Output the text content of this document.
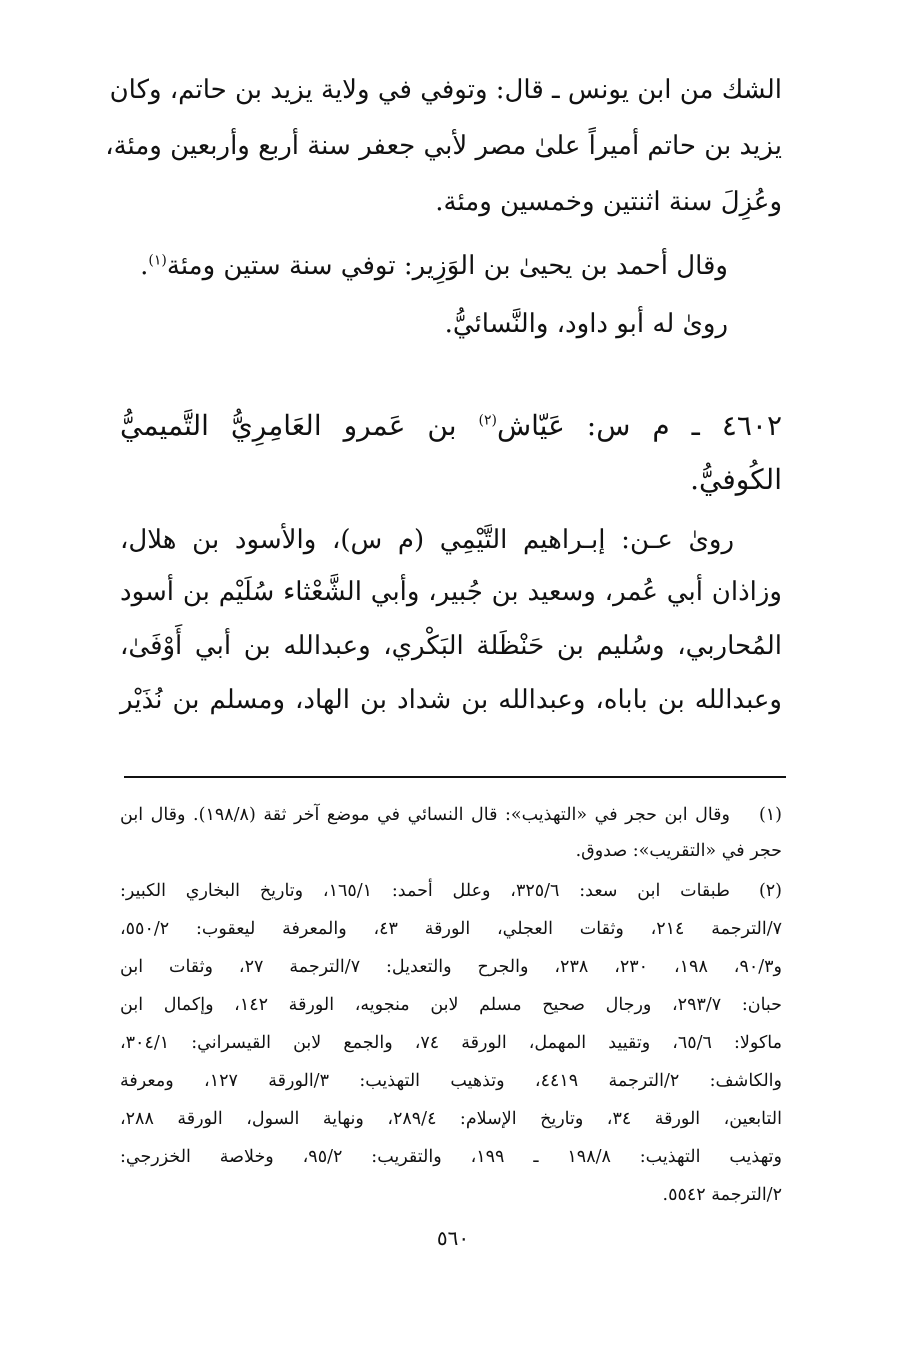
الشك من ابن يونس ـ قال: وتوفي في ولاية يزيد بن حاتم، وكان
يزيد بن حاتم أميراً علىٰ مصر لأبي جعفر سنة أربع وأربعين ومئة،
وعُزِلَ سنة اثنتين وخمسين ومئة.
وقال أحمد بن يحيىٰ بن الوَزِير: توفي سنة ستين ومئة$^{(١)}$.
رویٰ له أبو داود، والنَّسائيُّ.
٤٦٠٢ ـ م س: عَيّاش$^{(٢)}$ بن عَمرو العَامِرِيُّ التَّميميُّ
الكُوفيُّ.
رویٰ عـن: إبـراهيم التَّيْمِي (م س)، والأسود بن هلال،
وزاذان أبي عُمر، وسعيد بن جُبير، وأبي الشَّعْثاء سُلَيْم بن أسود
المُحاربي، وسُليم بن حَنْظَلة البَكْري، وعبدالله بن أبي أَوْفَىٰ،
وعبدالله بن باباه، وعبدالله بن شداد بن الهاد، ومسلم بن نُذَيْر
(١)
وقال ابن حجر في «التهذيب»: قال النسائي في موضع آخر ثقة (١٩٨/٨). وقال ابن
حجر في «التقريب»: صدوق.
(٢)
طبقات ابن سعد: ٣٢٥/٦، وعلل أحمد: ١٦٥/١، وتاريخ البخاري الكبير:
٧/الترجمة ٢١٤، وثقات العجلي، الورقة ٤٣، والمعرفة ليعقوب: ٥٥٠/٢،
و٩٠/٣، ١٩٨، ٢٣٠، ٢٣٨، والجرح والتعديل: ٧/الترجمة ٢٧، وثقات ابن
حبان: ٢٩٣/٧، ورجال صحيح مسلم لابن منجويه، الورقة ١٤٢، وإكمال ابن
ماكولا: ٦٥/٦، وتقييد المهمل، الورقة ٧٤، والجمع لابن القيسراني: ٣٠٤/١،
والكاشف: ٢/الترجمة ٤٤١٩، وتذهيب التهذيب: ٣/الورقة ١٢٧، ومعرفة
التابعين، الورقة ٣٤، وتاريخ الإسلام: ٢٨٩/٤، ونهاية السول، الورقة ٢٨٨،
وتهذيب التهذيب: ١٩٨/٨ ـ ١٩٩، والتقريب: ٩٥/٢، وخلاصة الخزرجي:
٢/الترجمة ٥٥٤٢.
٥٦٠
